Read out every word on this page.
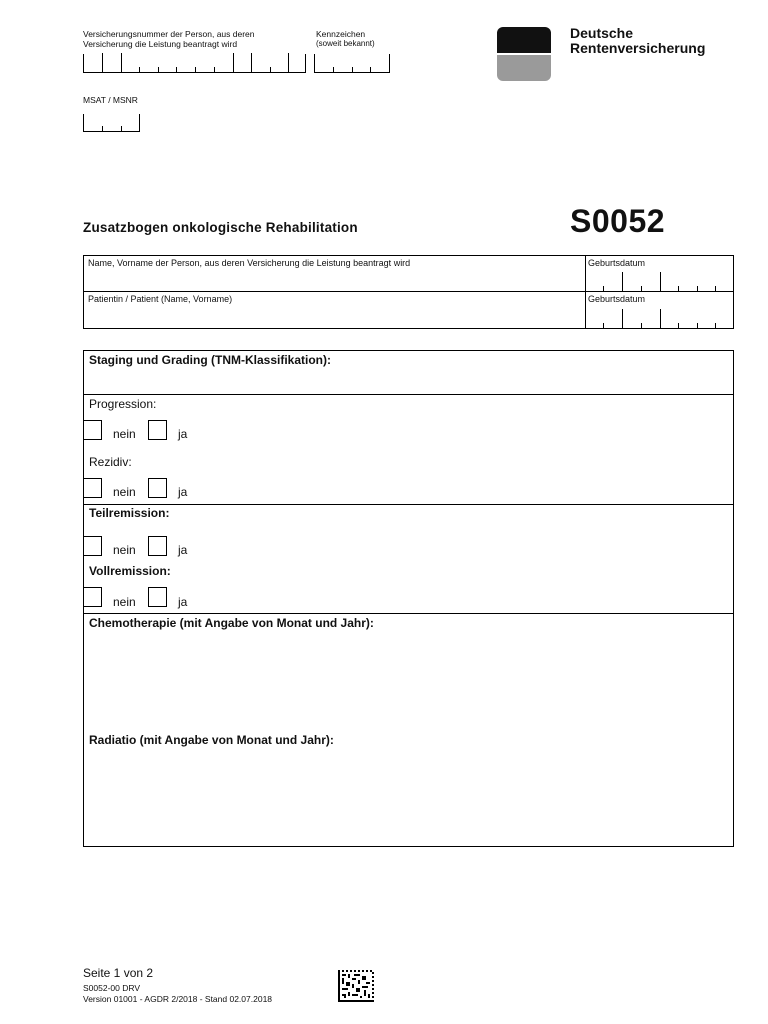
Versicherungsnummer der Person, aus deren
Versicherung die Leistung beantragt wird
Kennzeichen
(soweit bekannt)
MSAT / MSNR
Deutsche
Rentenversicherung
Zusatzbogen onkologische Rehabilitation	S0052
Name, Vorname der Person, aus deren Versicherung die Leistung beantragt wird	Geburtsdatum
Patientin / Patient (Name, Vorname)	Geburtsdatum
Staging und Grading (TNM-Klassifikation):
Progression:
nein	ja
Rezidiv:
nein	ja
Teilremission:
nein	ja
Vollremission:
nein	ja
Chemotherapie (mit Angabe von Monat und Jahr):
Radiatio (mit Angabe von Monat und Jahr):
Seite 1 von 2
S0052-00 DRV
Version 01001 - AGDR 2/2018 - Stand 02.07.2018
